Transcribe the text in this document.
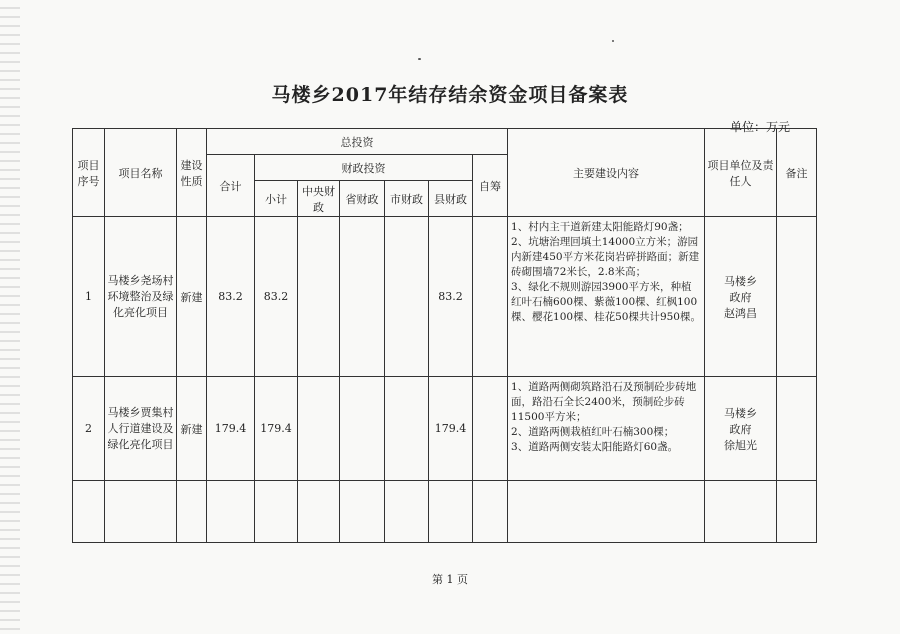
马楼乡2017年结存结余资金项目备案表
单位：万元
项目序号	项目名称	建设性质	总投资							主要建设内容	项目单位及责任人	备注
			合计	财政投资					自筹			
				小计	中央财政	省财政	市财政	县财政				
1	马楼乡尧场村环境整治及绿化亮化项目	新建	83.2	83.2				83.2		1、村内主干道新建太阳能路灯90盏；
2、坑塘治理回填土14000立方米；游园内新建450平方米花岗岩碎拼路面；新建砖砌围墙72米长，2.8米高；
3、绿化不规则游园3900平方米，种植红叶石楠600棵、紫薇100棵、红枫100棵、樱花100棵、桂花50棵共计950棵。	马楼乡
政府
赵鸿昌	
2	马楼乡贾集村人行道建设及绿化亮化项目	新建	179.4	179.4				179.4		1、道路两侧砌筑路沿石及预制砼步砖地面，路沿石全长2400米，预制砼步砖11500平方米；
2、道路两侧栽植红叶石楠300棵；
3、道路两侧安装太阳能路灯60盏。	马楼乡
政府
徐旭光	

第 1 页
